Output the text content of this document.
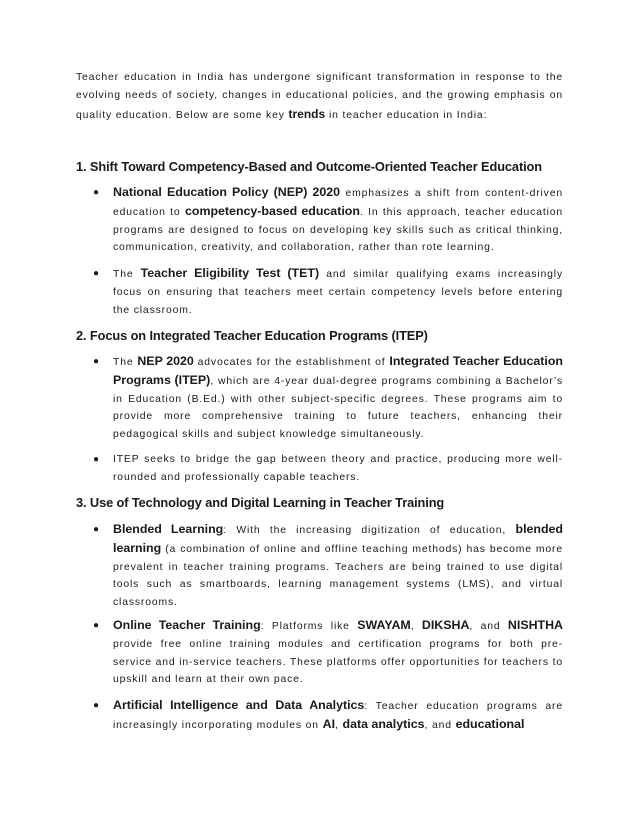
Teacher education in India has undergone significant transformation in response to the evolving needs of society, changes in educational policies, and the growing emphasis on quality education. Below are some key trends in teacher education in India:

1. Shift Toward Competency-Based and Outcome-Oriented Teacher Education

● National Education Policy (NEP) 2020 emphasizes a shift from content-driven education to competency-based education. In this approach, teacher education programs are designed to focus on developing key skills such as critical thinking, communication, creativity, and collaboration, rather than rote learning.

● The Teacher Eligibility Test (TET) and similar qualifying exams increasingly focus on ensuring that teachers meet certain competency levels before entering the classroom.

2. Focus on Integrated Teacher Education Programs (ITEP)

● The NEP 2020 advocates for the establishment of Integrated Teacher Education Programs (ITEP), which are 4-year dual-degree programs combining a Bachelor’s in Education (B.Ed.) with other subject-specific degrees. These programs aim to provide more comprehensive training to future teachers, enhancing their pedagogical skills and subject knowledge simultaneously.

● ITEP seeks to bridge the gap between theory and practice, producing more well-rounded and professionally capable teachers.

3. Use of Technology and Digital Learning in Teacher Training

● Blended Learning: With the increasing digitization of education, blended learning (a combination of online and offline teaching methods) has become more prevalent in teacher training programs. Teachers are being trained to use digital tools such as smartboards, learning management systems (LMS), and virtual classrooms.

● Online Teacher Training: Platforms like SWAYAM, DIKSHA, and NISHTHA provide free online training modules and certification programs for both pre-service and in-service teachers. These platforms offer opportunities for teachers to upskill and learn at their own pace.

● Artificial Intelligence and Data Analytics: Teacher education programs are increasingly incorporating modules on AI, data analytics, and educational
